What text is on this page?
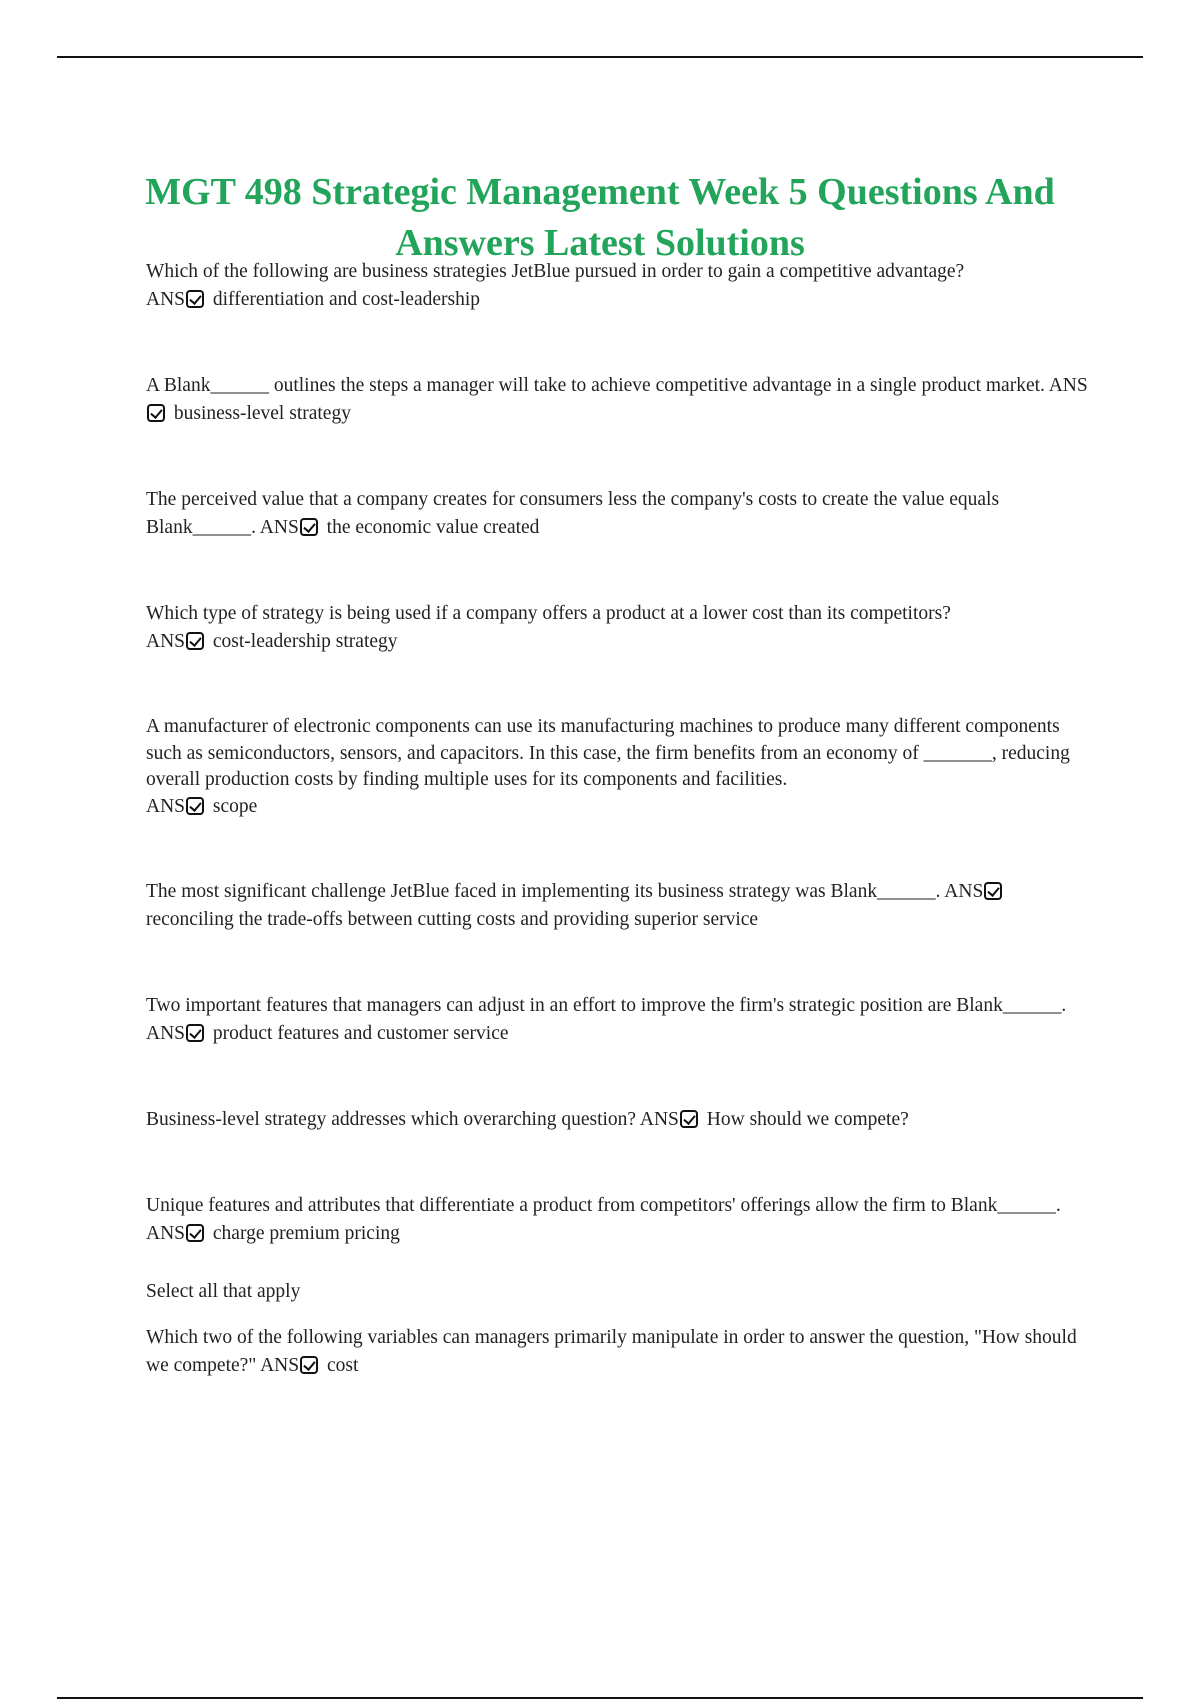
MGT 498 Strategic Management Week 5 Questions And Answers Latest Solutions

Which of the following are business strategies JetBlue pursued in order to gain a competitive advantage?
ANS differentiation and cost-leadership

A Blank______ outlines the steps a manager will take to achieve competitive advantage in a single product market. ANS business-level strategy

The perceived value that a company creates for consumers less the company's costs to create the value equals Blank______. ANS the economic value created

Which type of strategy is being used if a company offers a product at a lower cost than its competitors?
ANS cost-leadership strategy

A manufacturer of electronic components can use its manufacturing machines to produce many different components such as semiconductors, sensors, and capacitors. In this case, the firm benefits from an economy of _______, reducing overall production costs by finding multiple uses for its components and facilities.
ANS scope

The most significant challenge JetBlue faced in implementing its business strategy was Blank______. ANS
reconciling the trade-offs between cutting costs and providing superior service

Two important features that managers can adjust in an effort to improve the firm's strategic position are Blank______. ANS product features and customer service

Business-level strategy addresses which overarching question? ANS How should we compete?

Unique features and attributes that differentiate a product from competitors' offerings allow the firm to Blank______. ANS charge premium pricing

Select all that apply

Which two of the following variables can managers primarily manipulate in order to answer the question, "How should we compete?" ANS cost
